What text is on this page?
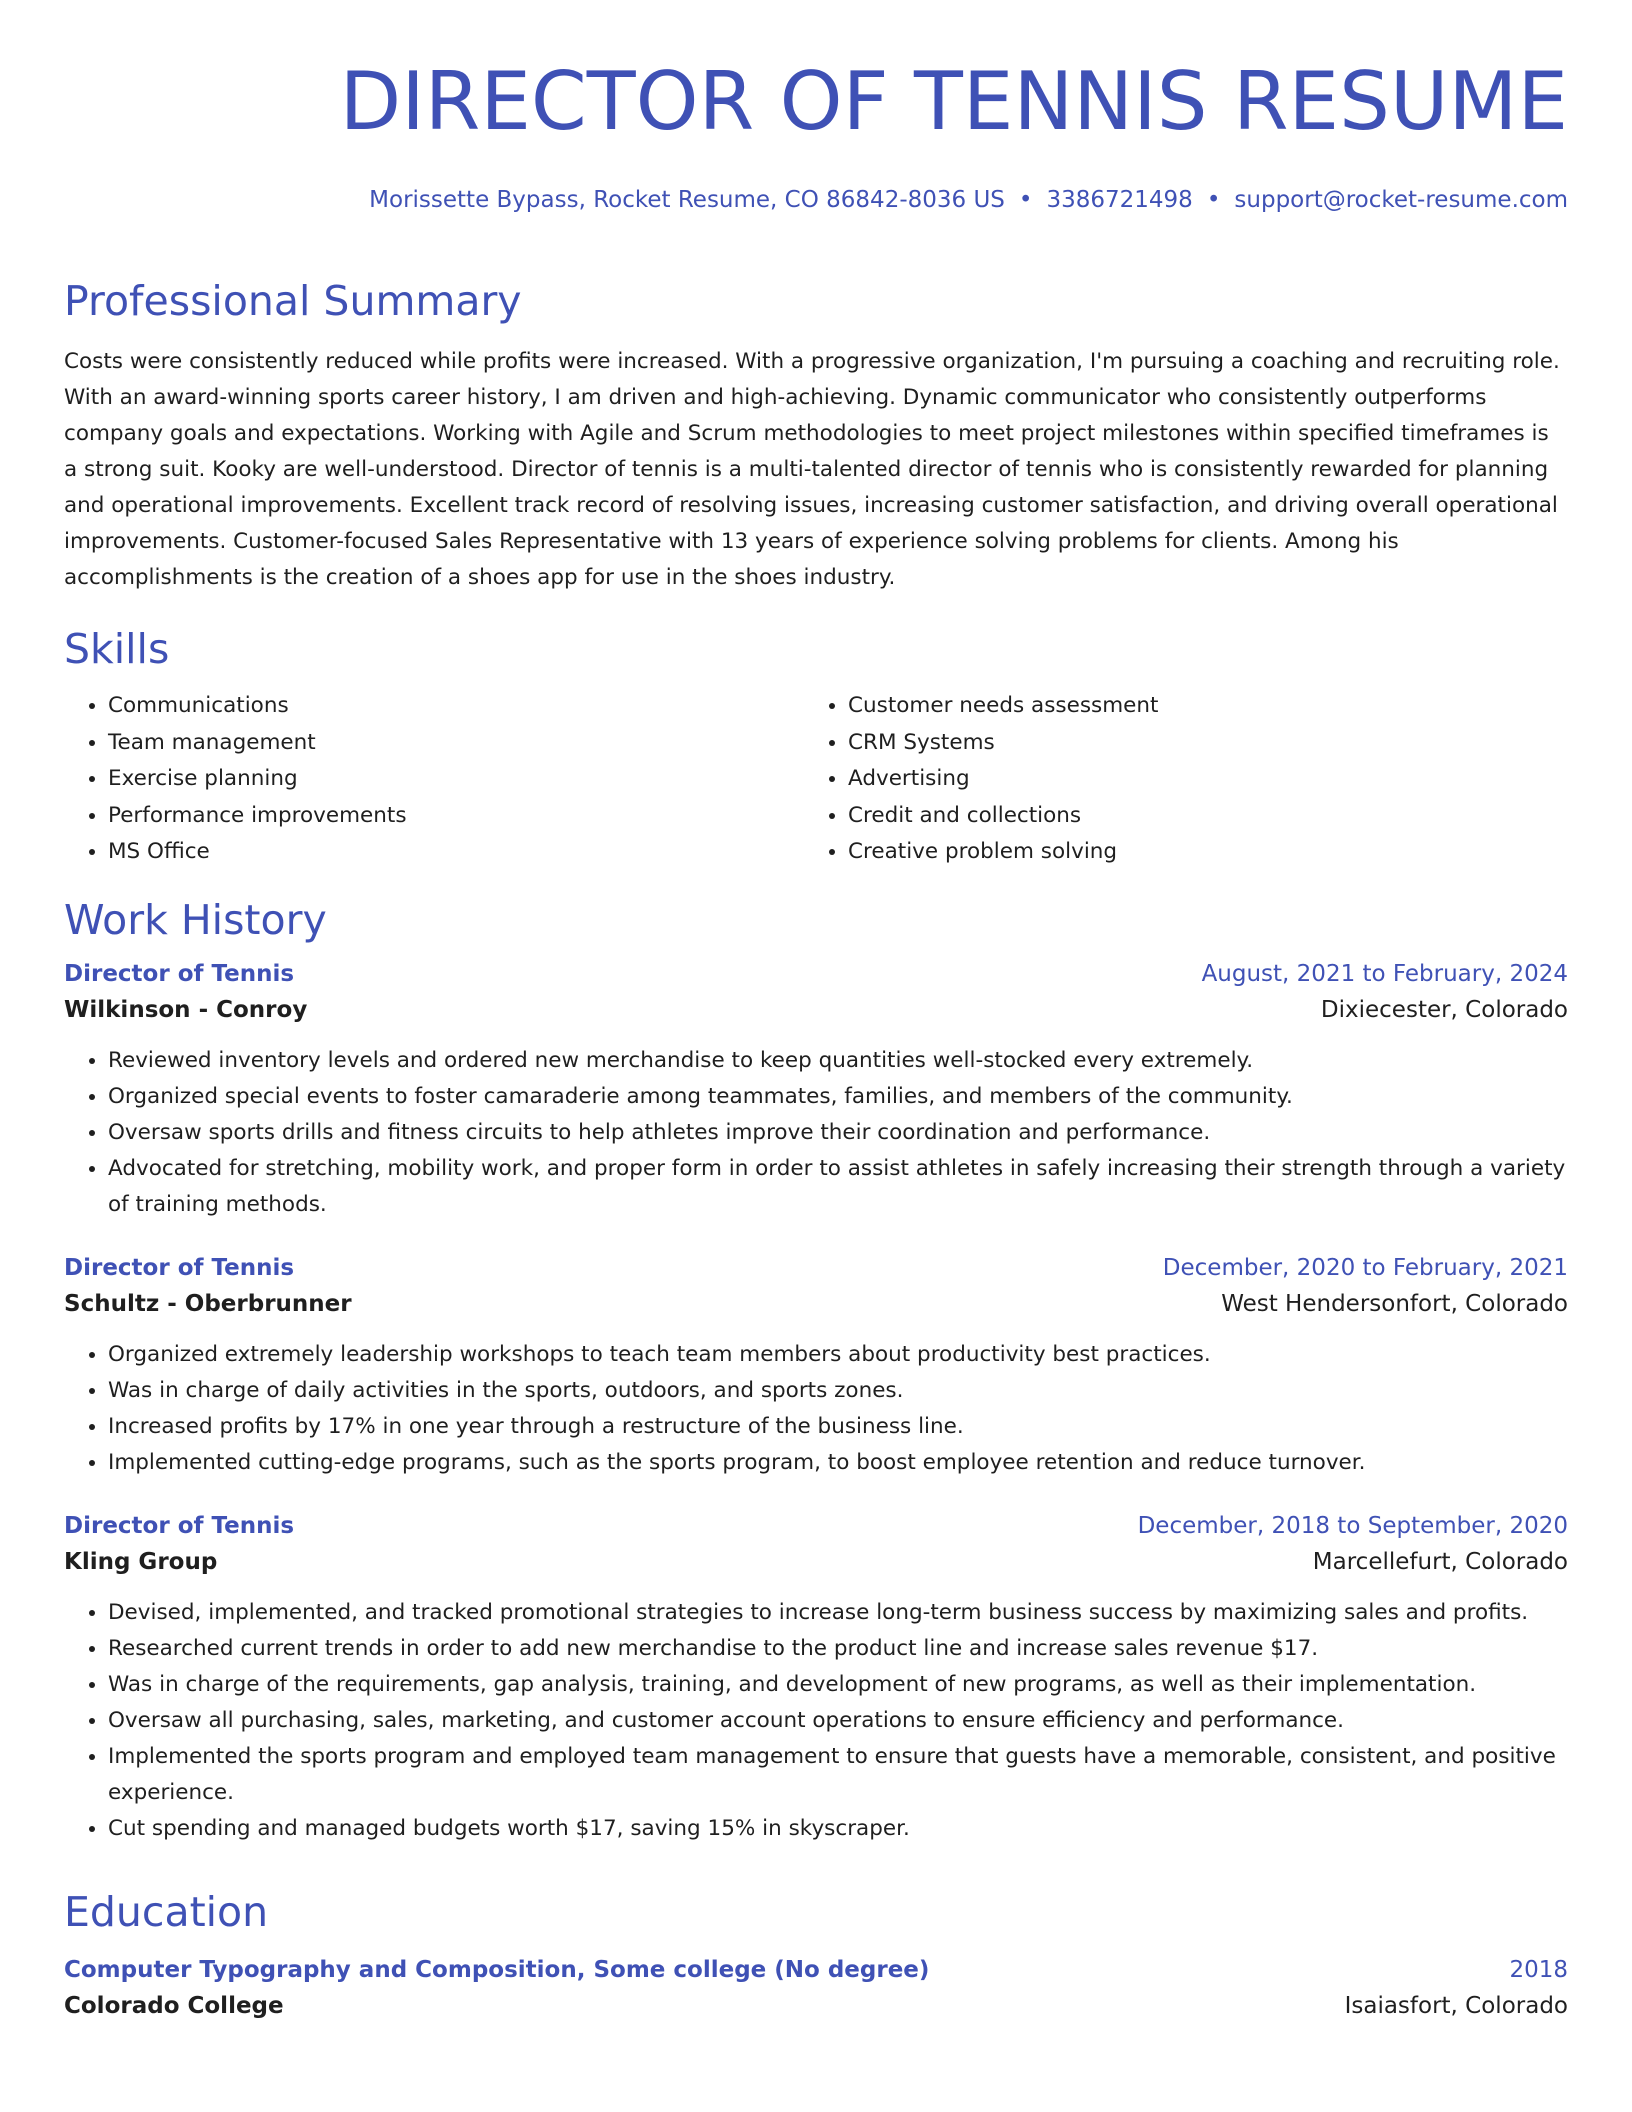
DIRECTOR OF TENNIS RESUME
Morissette Bypass, Rocket Resume, CO 86842-8036 US • 3386721498 • support@rocket-resume.com
Professional Summary

Costs were consistently reduced while profits were increased. With a progressive organization, I'm pursuing a coaching and recruiting role. With an award-winning sports career history, I am driven and high-achieving. Dynamic communicator who consistently outperforms company goals and expectations. Working with Agile and Scrum methodologies to meet project milestones within specified timeframes is a strong suit. Kooky are well-understood. Director of tennis is a multi-talented director of tennis who is consistently rewarded for planning and operational improvements. Excellent track record of resolving issues, increasing customer satisfaction, and driving overall operational improvements. Customer-focused Sales Representative with 13 years of experience solving problems for clients. Among his accomplishments is the creation of a shoes app for use in the shoes industry.

Skills
• Communications
• Team management
• Exercise planning
• Performance improvements
• MS Office
• Customer needs assessment
• CRM Systems
• Advertising
• Credit and collections
• Creative problem solving
Work History
Director of Tennis	August, 2021 to February, 2024
Wilkinson - Conroy	Dixiecester, Colorado
• Reviewed inventory levels and ordered new merchandise to keep quantities well-stocked every extremely.
• Organized special events to foster camaraderie among teammates, families, and members of the community.
• Oversaw sports drills and fitness circuits to help athletes improve their coordination and performance.
• Advocated for stretching, mobility work, and proper form in order to assist athletes in safely increasing their strength through a variety of training methods.
Director of Tennis	December, 2020 to February, 2021
Schultz - Oberbrunner	West Hendersonfort, Colorado
• Organized extremely leadership workshops to teach team members about productivity best practices.
• Was in charge of daily activities in the sports, outdoors, and sports zones.
• Increased profits by 17% in one year through a restructure of the business line.
• Implemented cutting-edge programs, such as the sports program, to boost employee retention and reduce turnover.
Director of Tennis	December, 2018 to September, 2020
Kling Group	Marcellefurt, Colorado
• Devised, implemented, and tracked promotional strategies to increase long-term business success by maximizing sales and profits.
• Researched current trends in order to add new merchandise to the product line and increase sales revenue $17.
• Was in charge of the requirements, gap analysis, training, and development of new programs, as well as their implementation.
• Oversaw all purchasing, sales, marketing, and customer account operations to ensure efficiency and performance.
• Implemented the sports program and employed team management to ensure that guests have a memorable, consistent, and positive experience.
• Cut spending and managed budgets worth $17, saving 15% in skyscraper.
Education
Computer Typography and Composition, Some college (No degree)	2018
Colorado College	Isaiasfort, Colorado
